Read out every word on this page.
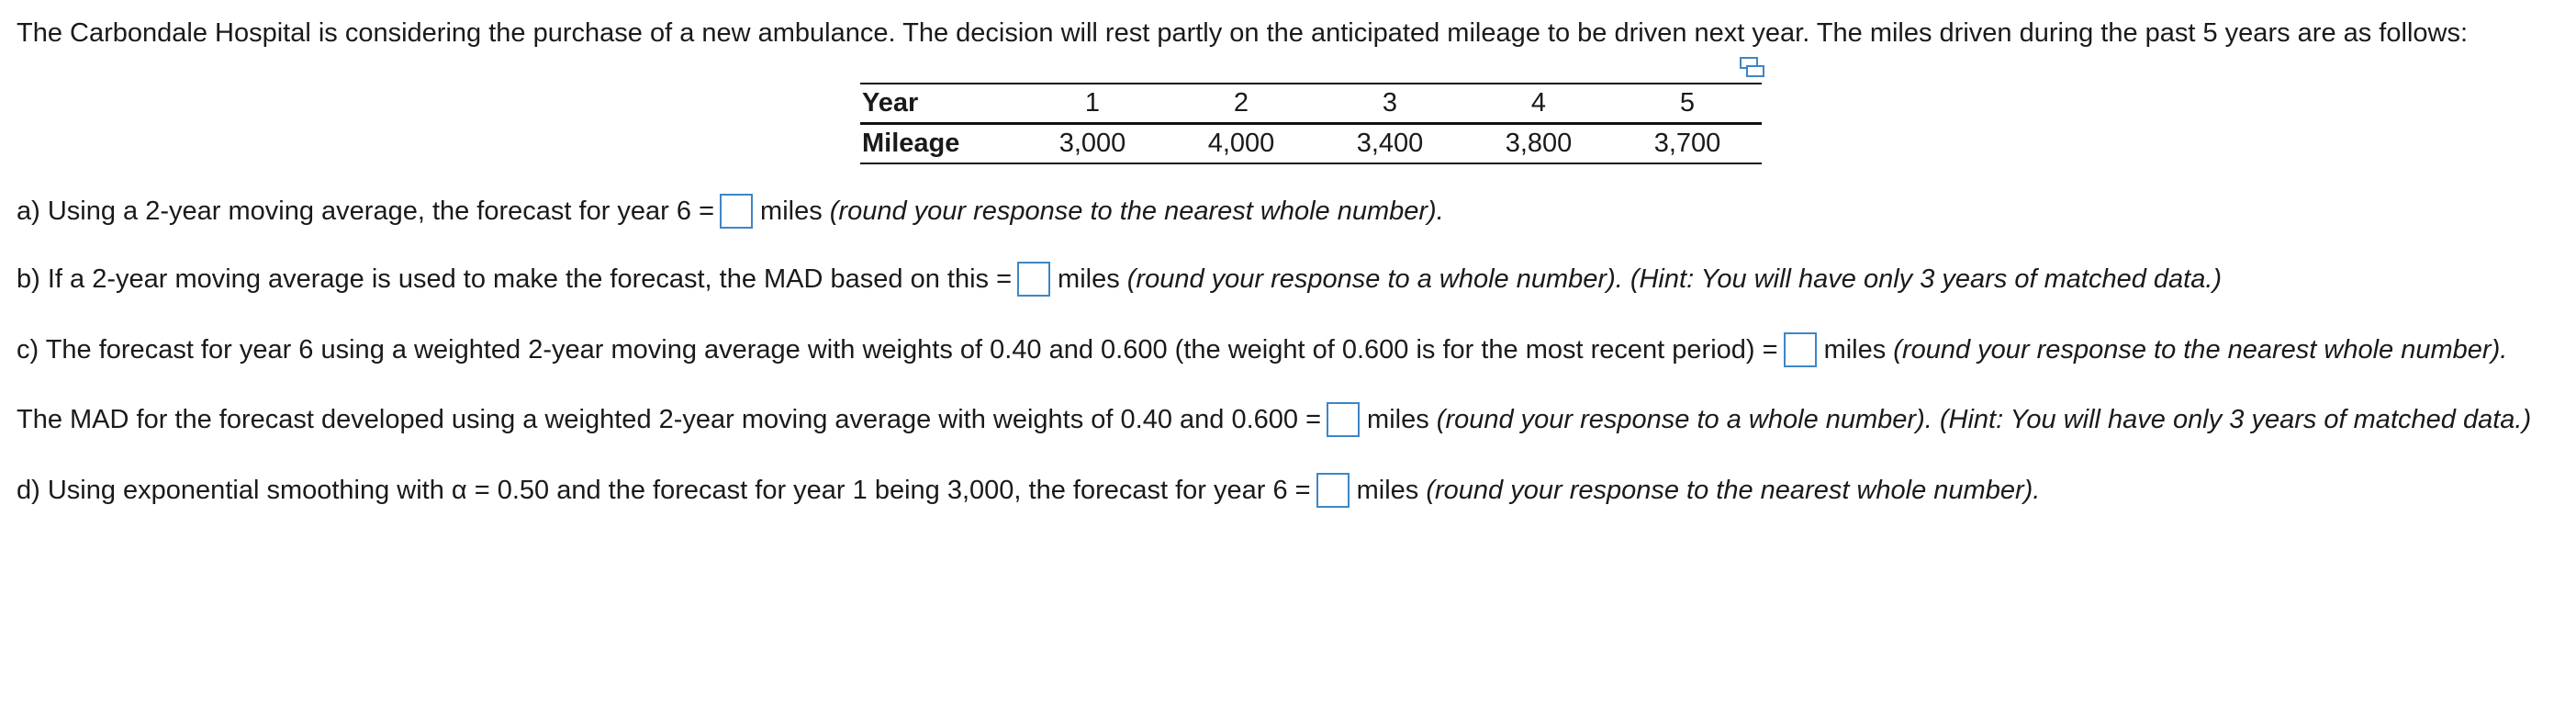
The Carbondale Hospital is considering the purchase of a new ambulance. The decision will rest partly on the anticipated mileage to be driven next year. The miles driven during the past 5 years are as follows:

Year	1	2	3	4	5
Mileage	3,000	4,000	3,400	3,800	3,700
a) Using a 2-year moving average, the forecast for year 6 = miles
(round your response to the nearest whole number).
b) If a 2-year moving average is used to make the forecast, the MAD based on this = miles
(round your response to a whole number). (Hint: You will have only 3 years of matched data.)
c) The forecast for year 6 using a weighted 2-year moving average with weights of 0.40 and 0.600 (the weight of 0.600 is for the most recent period) = miles
(round your response to the nearest whole number).
The MAD for the forecast developed using a weighted 2-year moving average with weights of 0.40 and 0.600 = miles
(round your response to a whole number). (Hint: You will have only 3 years of matched data.)
d) Using exponential smoothing with α = 0.50 and the forecast for year 1 being 3,000, the forecast for year 6 = miles
(round your response to the nearest whole number).
